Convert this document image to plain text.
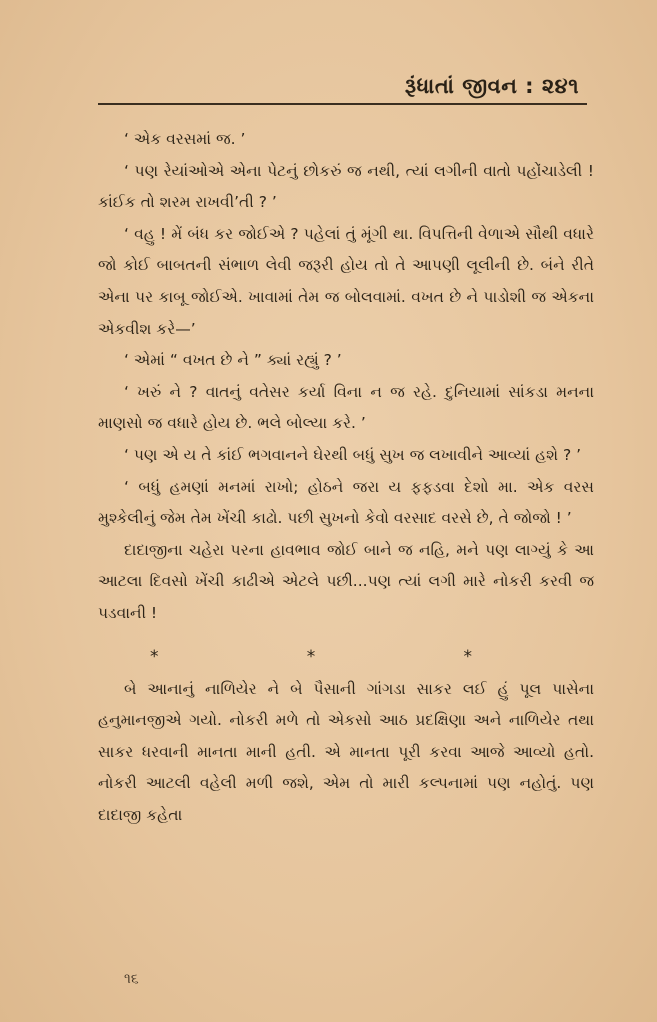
રૂંધાતાં જીવન : ૨૪૧

‘ એક વરસમાં જ. ’

‘ પણ રેયાંઓએ એના પેટનું છોકરું જ નથી, ત્યાં લગીની વાતો પહોંચાડેલી ! કાંઈક તો શરમ રાખવી’તી ? ’

‘ વહુ ! મેં બંધ કર જોઈએ ? પહેલાં તું મૂંગી થા. વિપત્તિની વેળાએ સૌથી વધારે જો કોઈ બાબતની સંભાળ લેવી જરૂરી હોય તો તે આપણી લૂલીની છે. બંને રીતે એના પર કાબૂ જોઈએ. ખાવામાં તેમ જ બોલવામાં. વખત છે ને પાડોશી જ એકના એકવીશ કરે—’

‘ એમાં “ વખત છે ને ” ક્યાં રહ્યું ? ’

‘ ખરું ને ? વાતનું વતેસર કર્યા વિના ન જ રહે. દુનિયામાં સાંકડા મનના માણસો જ વધારે હોય છે. ભલે બોલ્યા કરે. ’

‘ પણ એ ય તે કાંઈ ભગવાનને ઘેરથી બધું સુખ જ લખાવીને આવ્યાં હશે ? ’

‘ બધું હમણાં મનમાં રાખો; હોઠને જરા ય ફફડવા દેશો મા. એક વરસ મુશ્કેલીનું જેમ તેમ ખેંચી કાઢો. પછી સુખનો કેવો વરસાદ વરસે છે, તે જોજો ! ’

દાદાજીના ચહેરા પરના હાવભાવ જોઈ બાને જ નહિ, મને પણ લાગ્યું કે આ આટલા દિવસો ખેંચી કાઢીએ એટલે પછી...પણ ત્યાં લગી મારે નોકરી કરવી જ પડવાની !

*	*	*

બે આનાનું નાળિયેર ને બે પૈસાની ગાંગડા સાકર લઈ હું પૂલ પાસેના હનુમાનજીએ ગયો. નોકરી મળે તો એકસો આઠ પ્રદક્ષિણા અને નાળિયેર તથા સાકર ધરવાની માનતા માની હતી. એ માનતા પૂરી કરવા આજે આવ્યો હતો. નોકરી આટલી વહેલી મળી જશે, એમ તો મારી કલ્પનામાં પણ નહોતું. પણ દાદાજી કહેતા

૧૬
